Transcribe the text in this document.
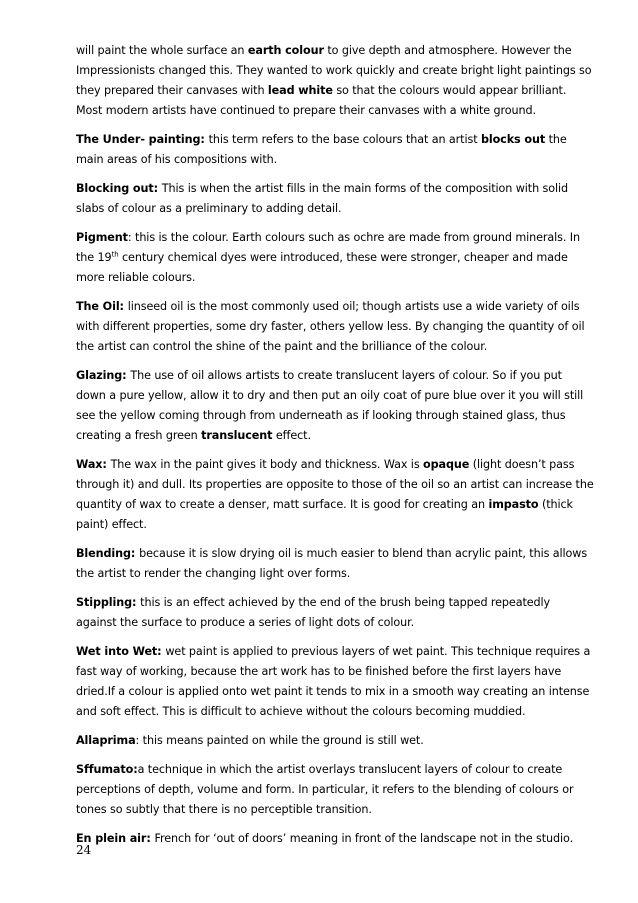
will paint the whole surface an earth colour to give depth and atmosphere. However the Impressionists changed this. They wanted to work quickly and create bright light paintings so they prepared their canvases with lead white so that the colours would appear brilliant. Most modern artists have continued to prepare their canvases with a white ground.

The Under- painting: this term refers to the base colours that an artist blocks out the main areas of his compositions with.

Blocking out: This is when the artist fills in the main forms of the composition with solid slabs of colour as a preliminary to adding detail.

Pigment: this is the colour. Earth colours such as ochre are made from ground minerals. In the 19th century chemical dyes were introduced, these were stronger, cheaper and made more reliable colours.

The Oil: linseed oil is the most commonly used oil; though artists use a wide variety of oils with different properties, some dry faster, others yellow less. By changing the quantity of oil the artist can control the shine of the paint and the brilliance of the colour.

Glazing: The use of oil allows artists to create translucent layers of colour. So if you put down a pure yellow, allow it to dry and then put an oily coat of pure blue over it you will still see the yellow coming through from underneath as if looking through stained glass, thus creating a fresh green translucent effect.

Wax: The wax in the paint gives it body and thickness. Wax is opaque (light doesn’t pass through it) and dull. Its properties are opposite to those of the oil so an artist can increase the quantity of wax to create a denser, matt surface. It is good for creating an impasto (thick paint) effect.

Blending: because it is slow drying oil is much easier to blend than acrylic paint, this allows the artist to render the changing light over forms.

Stippling: this is an effect achieved by the end of the brush being tapped repeatedly against the surface to produce a series of light dots of colour.

Wet into Wet: wet paint is applied to previous layers of wet paint. This technique requires a fast way of working, because the art work has to be finished before the first layers have dried.If a colour is applied onto wet paint it tends to mix in a smooth way creating an intense and soft effect. This is difficult to achieve without the colours becoming muddied.

Allaprima: this means painted on while the ground is still wet.

Sffumato:a technique in which the artist overlays translucent layers of colour to create perceptions of depth, volume and form. In particular, it refers to the blending of colours or tones so subtly that there is no perceptible transition.

En plein air: French for ‘out of doors’ meaning in front of the landscape not in the studio.

24
